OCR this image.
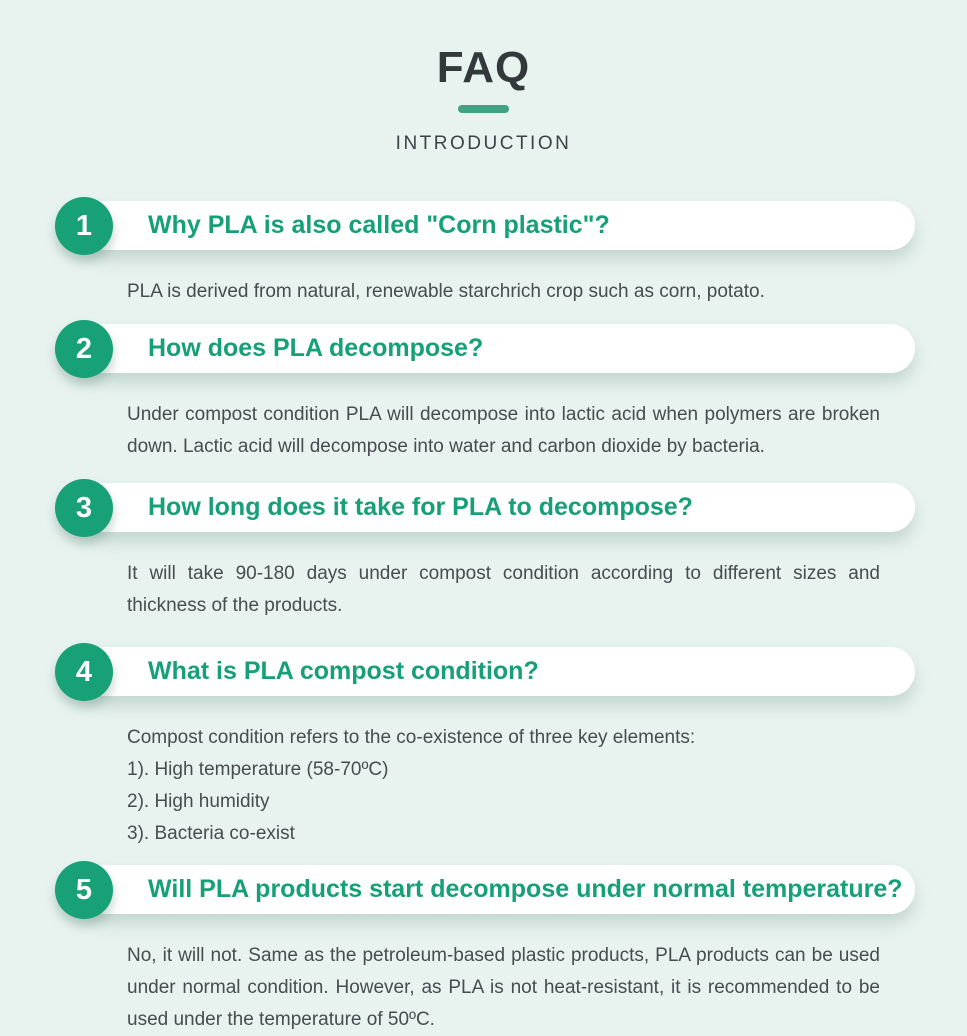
FAQ
INTRODUCTION
Why PLA is also called "Corn plastic"?
1
PLA is derived from natural, renewable starchrich crop such as corn, potato.
How does PLA decompose?
2
Under compost condition PLA will decompose into lactic acid when polymers are broken down. Lactic acid will decompose into water and carbon dioxide by bacteria.
How long does it take for PLA to decompose?
3
It will take 90-180 days under compost condition according to different sizes and thickness of the products.
What is PLA compost condition?
4
Compost condition refers to the co-existence of three key elements:
1). High temperature (58-70ºC)
2). High humidity
3). Bacteria co-exist
Will PLA products start decompose under normal temperature?
5
No, it will not. Same as the petroleum-based plastic products, PLA products can be used under normal condition. However, as PLA is not heat-resistant, it is recommended to be used under the temperature of 50ºC.
